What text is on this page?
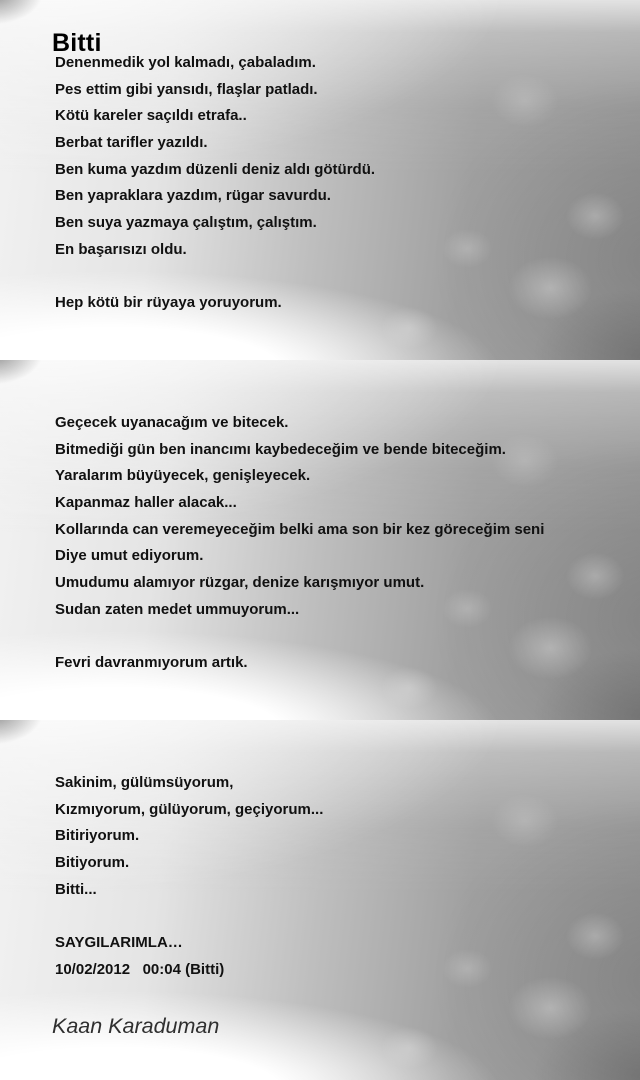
Bitti
Denenmedik yol kalmadı, çabaladım.
Pes ettim gibi yansıdı, flaşlar patladı.
Kötü kareler saçıldı etrafa..
Berbat tarifler yazıldı.
Ben kuma yazdım düzenli deniz aldı götürdü.
Ben yapraklara yazdım, rügar savurdu.
Ben suya yazmaya çalıştım, çalıştım.
En başarısızı oldu.
Hep kötü bir rüyaya yoruyorum.
Geçecek uyanacağım ve bitecek.
Bitmediği gün ben inancımı kaybedeceğim ve bende biteceğim.
Yaralarım büyüyecek, genişleyecek.
Kapanmaz haller alacak...
Kollarında can veremeyeceğim belki ama son bir kez göreceğim seni
Diye umut ediyorum.
Umudumu alamıyor rüzgar, denize karışmıyor umut.
Sudan zaten medet ummuyorum...
Fevri davranmıyorum artık.
Sakinim, gülümsüyorum,
Kızmıyorum, gülüyorum, geçiyorum...
Bitiriyorum.
Bitiyorum.
Bitti...
SAYGILARIMLA…
10/02/2012   00:04 (Bitti)
Kaan Karaduman
